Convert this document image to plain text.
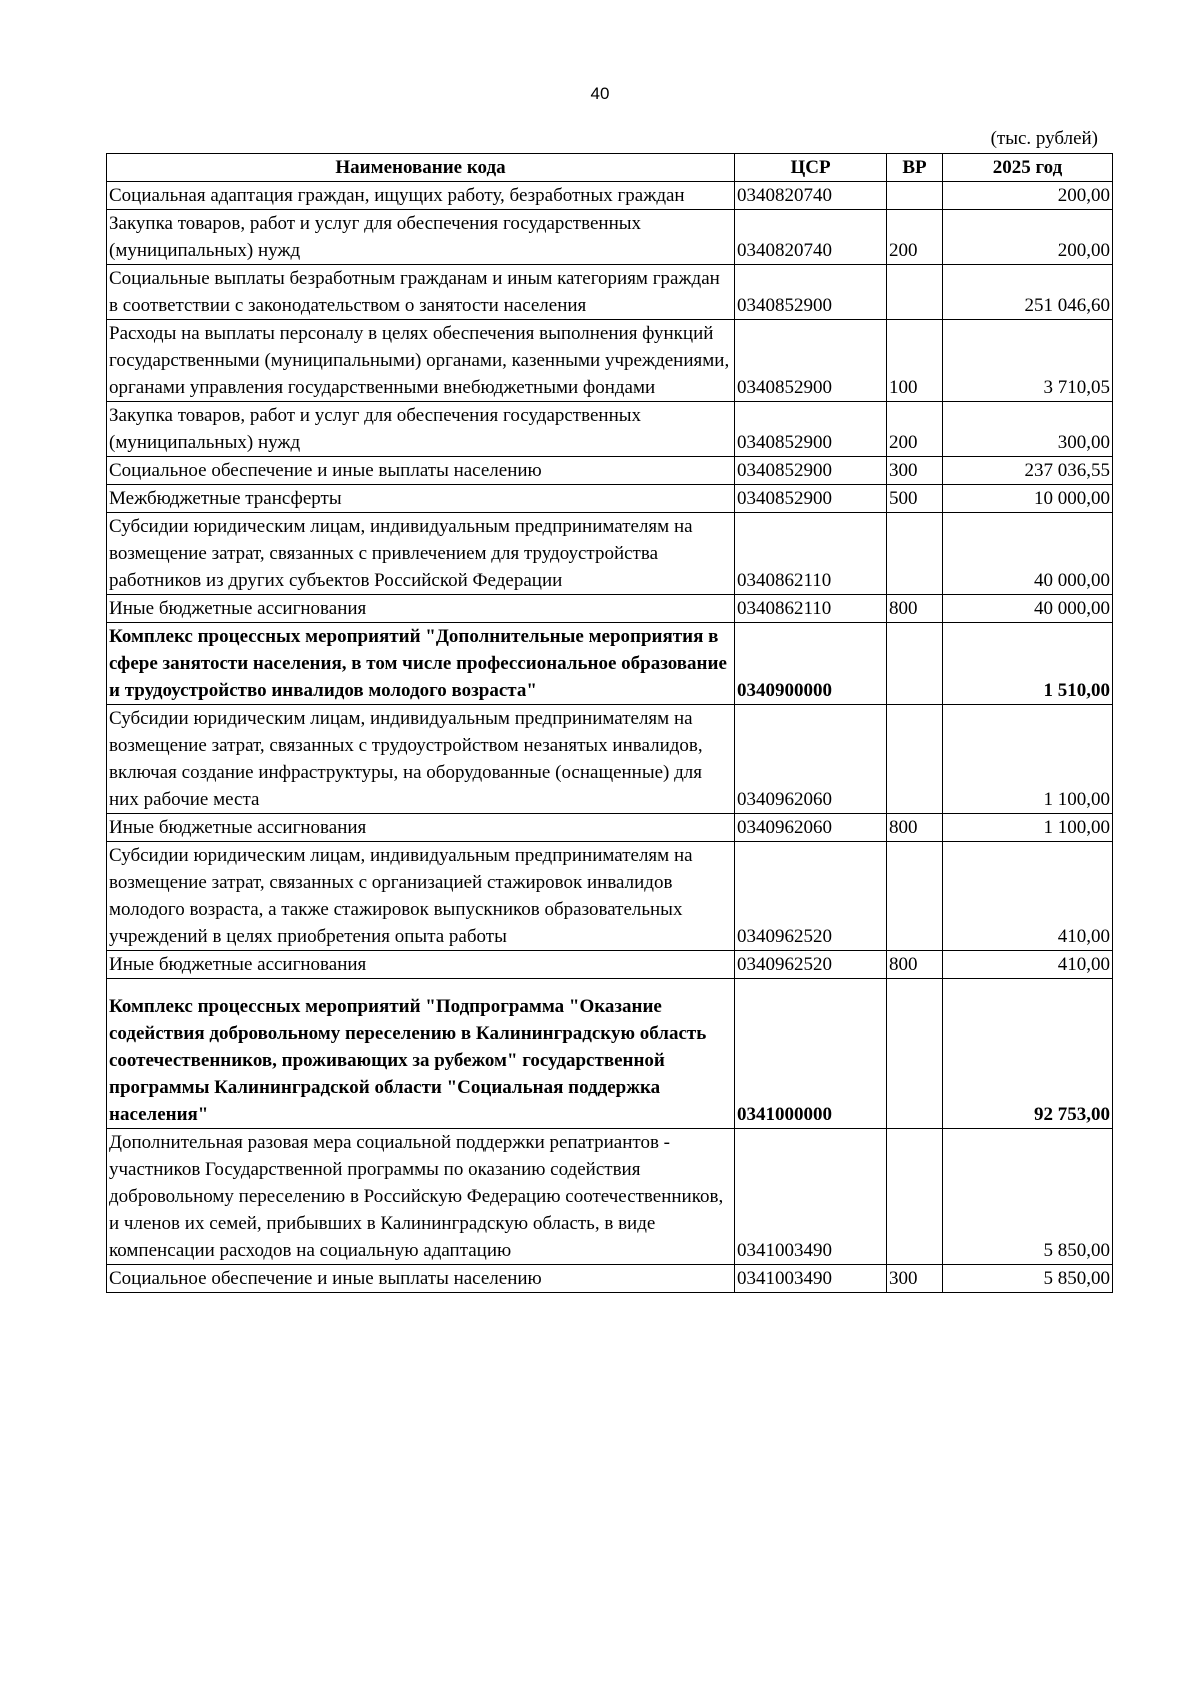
40
(тыс. рублей)
Наименование кода	ЦСР	ВР	2025 год
Социальная адаптация граждан, ищущих работу, безработных граждан	0340820740		200,00
Закупка товаров, работ и услуг для обеспечения государственных (муниципальных) нужд	0340820740	200	200,00
Социальные выплаты безработным гражданам и иным категориям граждан в соответствии с законодательством о занятости населения	0340852900		251 046,60
Расходы на выплаты персоналу в целях обеспечения выполнения функций государственными (муниципальными) органами, казенными учреждениями, органами управления государственными внебюджетными фондами	0340852900	100	3 710,05
Закупка товаров, работ и услуг для обеспечения государственных (муниципальных) нужд	0340852900	200	300,00
Социальное обеспечение и иные выплаты населению	0340852900	300	237 036,55
Межбюджетные трансферты	0340852900	500	10 000,00
Субсидии юридическим лицам, индивидуальным предпринимателям на возмещение затрат, связанных с привлечением для трудоустройства работников из других субъектов Российской Федерации	0340862110		40 000,00
Иные бюджетные ассигнования	0340862110	800	40 000,00
Комплекс процессных мероприятий "Дополнительные мероприятия в сфере занятости населения, в том числе профессиональное образование и трудоустройство инвалидов молодого возраста"	0340900000		1 510,00
Субсидии юридическим лицам, индивидуальным предпринимателям на возмещение затрат, связанных с трудоустройством незанятых инвалидов, включая создание инфраструктуры, на оборудованные (оснащенные) для них рабочие места	0340962060		1 100,00
Иные бюджетные ассигнования	0340962060	800	1 100,00
Субсидии юридическим лицам, индивидуальным предпринимателям на возмещение затрат, связанных с организацией стажировок инвалидов молодого возраста, а также стажировок выпускников образовательных учреждений в целях приобретения опыта работы	0340962520		410,00
Иные бюджетные ассигнования	0340962520	800	410,00
Комплекс процессных мероприятий "Подпрограмма "Оказание содействия добровольному переселению в Калининградскую область соотечественников, проживающих за рубежом" государственной программы Калининградской области "Социальная поддержка населения"	0341000000		92 753,00
Дополнительная разовая мера социальной поддержки репатриантов - участников Государственной программы по оказанию содействия добровольному переселению в Российскую Федерацию соотечественников, и членов их семей, прибывших в Калининградскую область, в виде компенсации расходов на социальную адаптацию	0341003490		5 850,00
Социальное обеспечение и иные выплаты населению	0341003490	300	5 850,00
